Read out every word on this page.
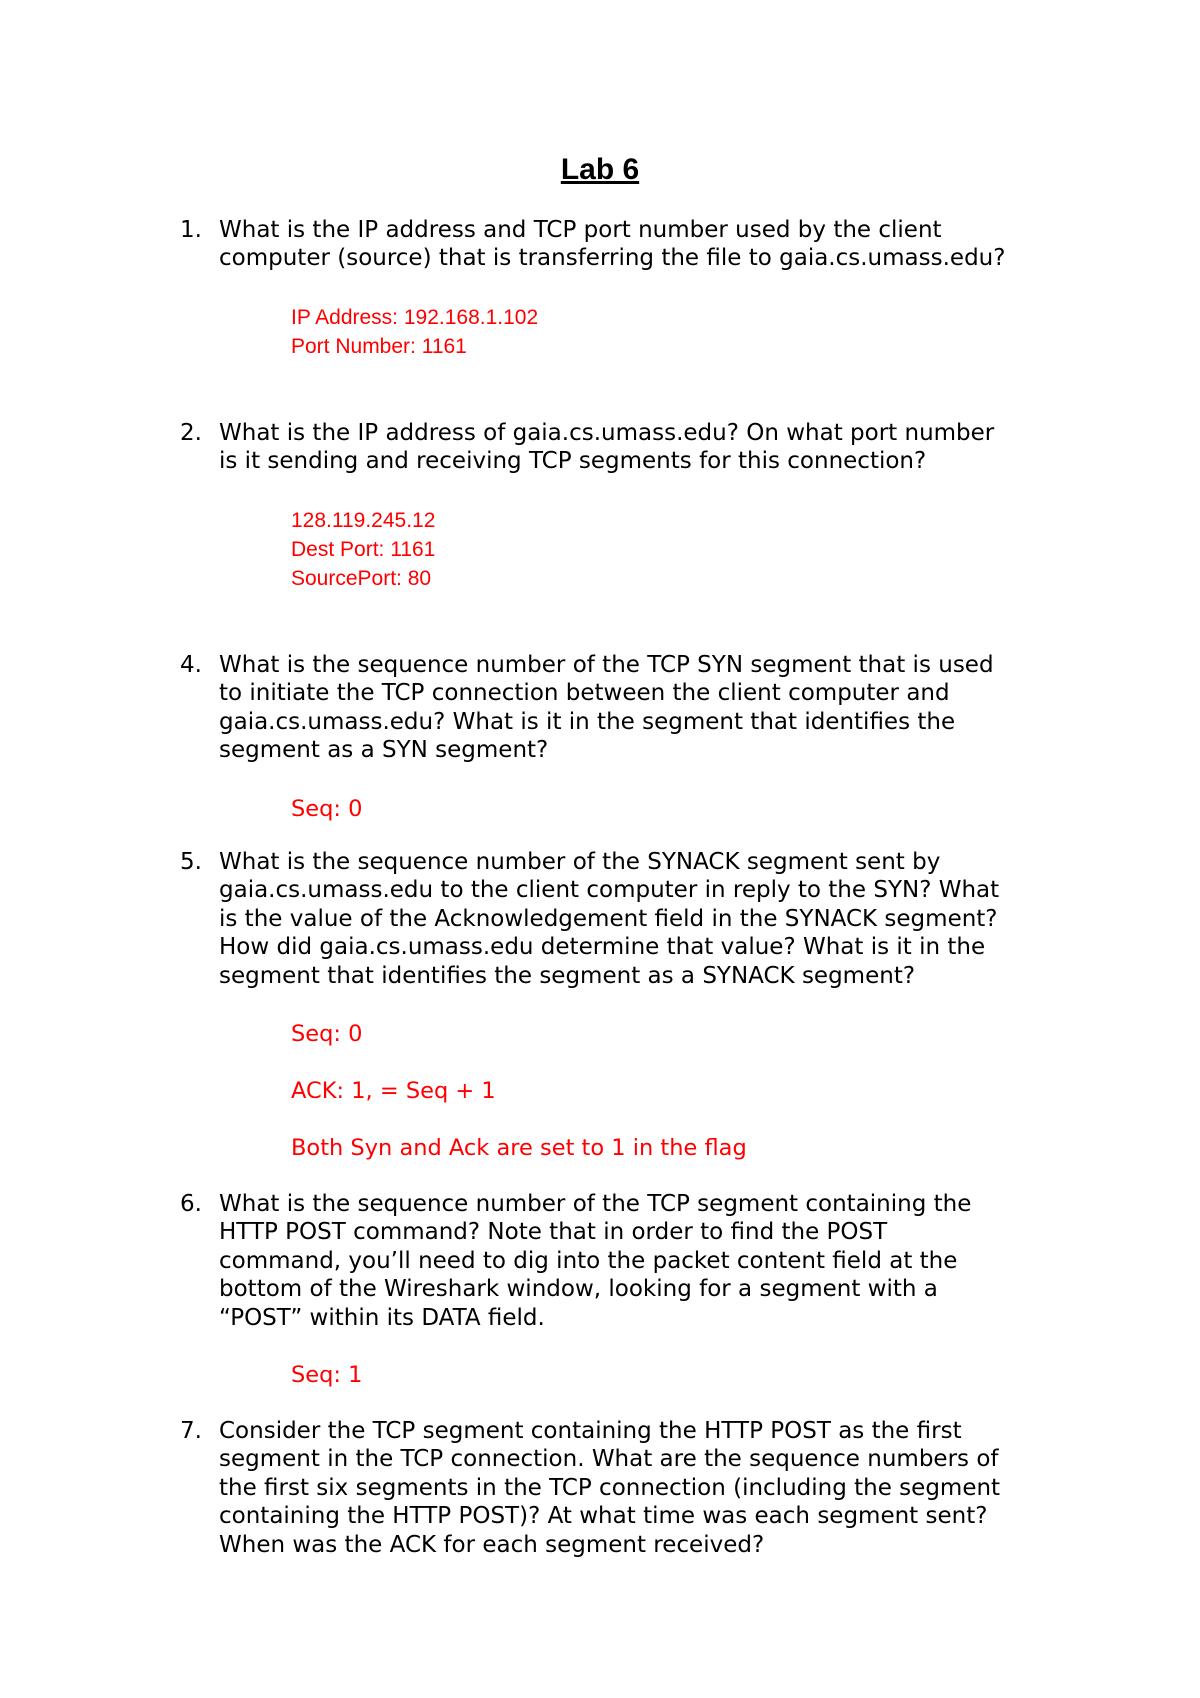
Lab 6
1. What is the IP address and TCP port number used by the client
computer (source) that is transferring the file to gaia.cs.umass.edu?
IP Address: 192.168.1.102
Port Number: 1161
2. What is the IP address of gaia.cs.umass.edu? On what port number
is it sending and receiving TCP segments for this connection?
128.119.245.12
Dest Port: 1161
SourcePort: 80
4. What is the sequence number of the TCP SYN segment that is used
to initiate the TCP connection between the client computer and
gaia.cs.umass.edu? What is it in the segment that identifies the
segment as a SYN segment?
Seq: 0
5. What is the sequence number of the SYNACK segment sent by
gaia.cs.umass.edu to the client computer in reply to the SYN? What
is the value of the Acknowledgement field in the SYNACK segment?
How did gaia.cs.umass.edu determine that value? What is it in the
segment that identifies the segment as a SYNACK segment?
Seq: 0
ACK: 1, = Seq + 1
Both Syn and Ack are set to 1 in the flag
6. What is the sequence number of the TCP segment containing the
HTTP POST command? Note that in order to find the POST
command, you’ll need to dig into the packet content field at the
bottom of the Wireshark window, looking for a segment with a
“POST” within its DATA field.
Seq: 1
7. Consider the TCP segment containing the HTTP POST as the first
segment in the TCP connection. What are the sequence numbers of
the first six segments in the TCP connection (including the segment
containing the HTTP POST)? At what time was each segment sent?
When was the ACK for each segment received?
